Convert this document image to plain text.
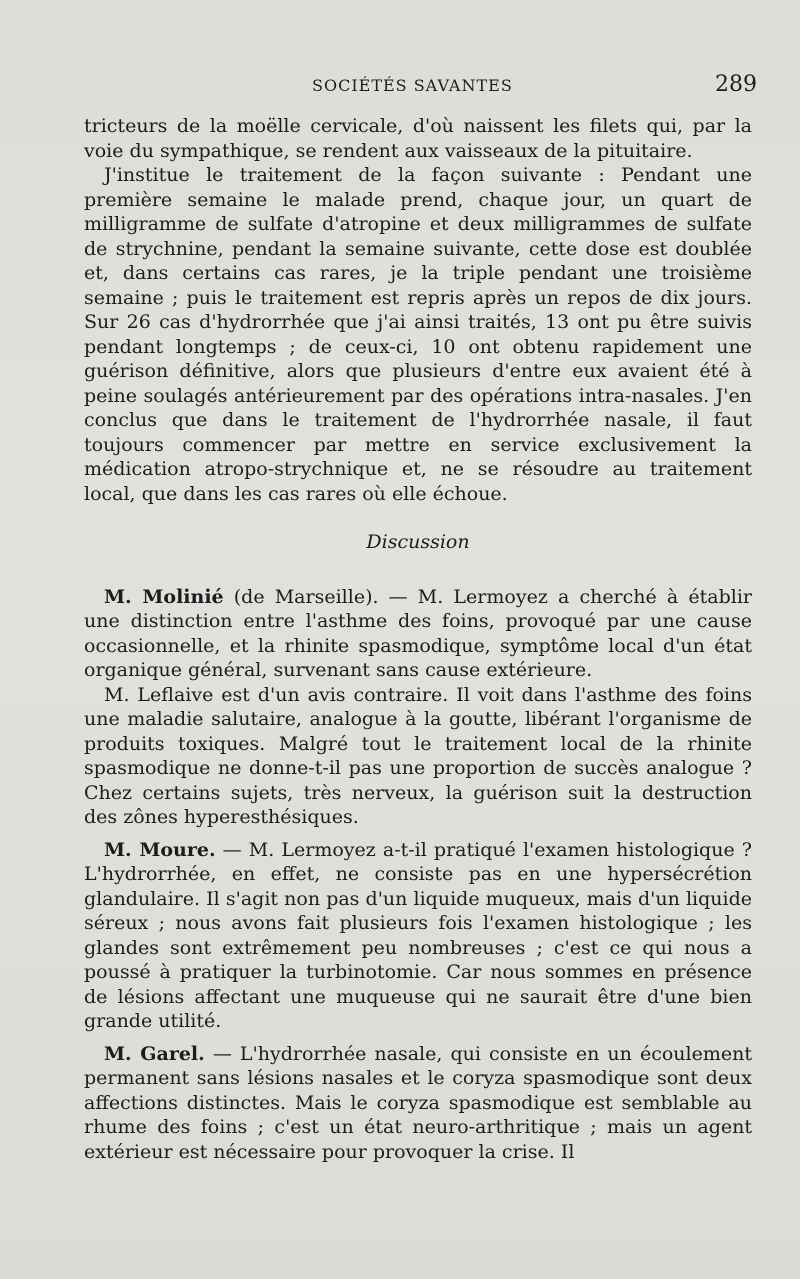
SOCIÉTÉS SAVANTES	289

tricteurs de la moëlle cervicale, d'où naissent les filets qui, par la voie du sympathique, se rendent aux vaisseaux de la pituitaire.

J'institue le traitement de la façon suivante : Pendant une première semaine le malade prend, chaque jour, un quart de milligramme de sulfate d'atropine et deux milligrammes de sulfate de strychnine, pendant la semaine suivante, cette dose est doublée et, dans certains cas rares, je la triple pendant une troisième semaine ; puis le traitement est repris après un repos de dix jours. Sur 26 cas d'hydrorrhée que j'ai ainsi traités, 13 ont pu être suivis pendant longtemps ; de ceux-ci, 10 ont obtenu rapidement une guérison définitive, alors que plusieurs d'entre eux avaient été à peine soulagés antérieurement par des opérations intra-nasales. J'en conclus que dans le traitement de l'hydrorrhée nasale, il faut toujours commencer par mettre en service exclusivement la médication atropo-strychnique et, ne se résoudre au traitement local, que dans les cas rares où elle échoue.

Discussion

M. Molinié (de Marseille). — M. Lermoyez a cherché à établir une distinction entre l'asthme des foins, provoqué par une cause occasionnelle, et la rhinite spasmodique, symptôme local d'un état organique général, survenant sans cause extérieure.

M. Leflaive est d'un avis contraire. Il voit dans l'asthme des foins une maladie salutaire, analogue à la goutte, libérant l'organisme de produits toxiques. Malgré tout le traitement local de la rhinite spasmodique ne donne-t-il pas une proportion de succès analogue ? Chez certains sujets, très nerveux, la guérison suit la destruction des zônes hyperesthésiques.

M. Moure. — M. Lermoyez a-t-il pratiqué l'examen histologique ? L'hydrorrhée, en effet, ne consiste pas en une hypersécrétion glandulaire. Il s'agit non pas d'un liquide muqueux, mais d'un liquide séreux ; nous avons fait plusieurs fois l'examen histologique ; les glandes sont extrêmement peu nombreuses ; c'est ce qui nous a poussé à pratiquer la turbinotomie. Car nous sommes en présence de lésions affectant une muqueuse qui ne saurait être d'une bien grande utilité.

M. Garel. — L'hydrorrhée nasale, qui consiste en un écoulement permanent sans lésions nasales et le coryza spasmodique sont deux affections distinctes. Mais le coryza spasmodique est semblable au rhume des foins ; c'est un état neuro-arthritique ; mais un agent extérieur est nécessaire pour provoquer la crise. Il
